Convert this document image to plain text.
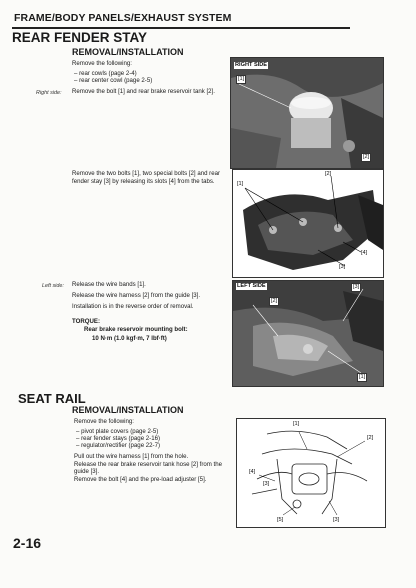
FRAME/BODY PANELS/EXHAUST SYSTEM
REAR FENDER STAY
REMOVAL/INSTALLATION
Remove the following:
– rear cowls (page 2-4)
– rear center cowl (page 2-5)
Right side: Remove the bolt [1] and rear brake reservoir tank [2].
Remove the two bolts [1], two special bolts [2] and rear
fender stay [3] by releasing its slots [4] from the tabs.
Left side: Release the wire bands [1].
Release the wire harness [2] from the guide [3].
Installation is in the reverse order of removal.
TORQUE:
Rear brake reservoir mounting bolt:
10 N·m (1.0 kgf·m, 7 lbf·ft)
RIGHT SIDE
[1]
[2]
[1]
[2]
[3]
[4]
LEFT SIDE
[2]
[3]
[1]
SEAT RAIL
REMOVAL/INSTALLATION
Remove the following:
– pivot plate covers (page 2-5)
– rear fender stays (page 2-16)
– regulator/rectifier (page 22-7)
Pull out the wire harness [1] from the hole.
Release the rear brake reservoir tank hose [2] from the
guide [3].
Remove the bolt [4] and the pre-load adjuster [5].
[1]
[2]
[4]
[3]
[5]	[3]
2-16
